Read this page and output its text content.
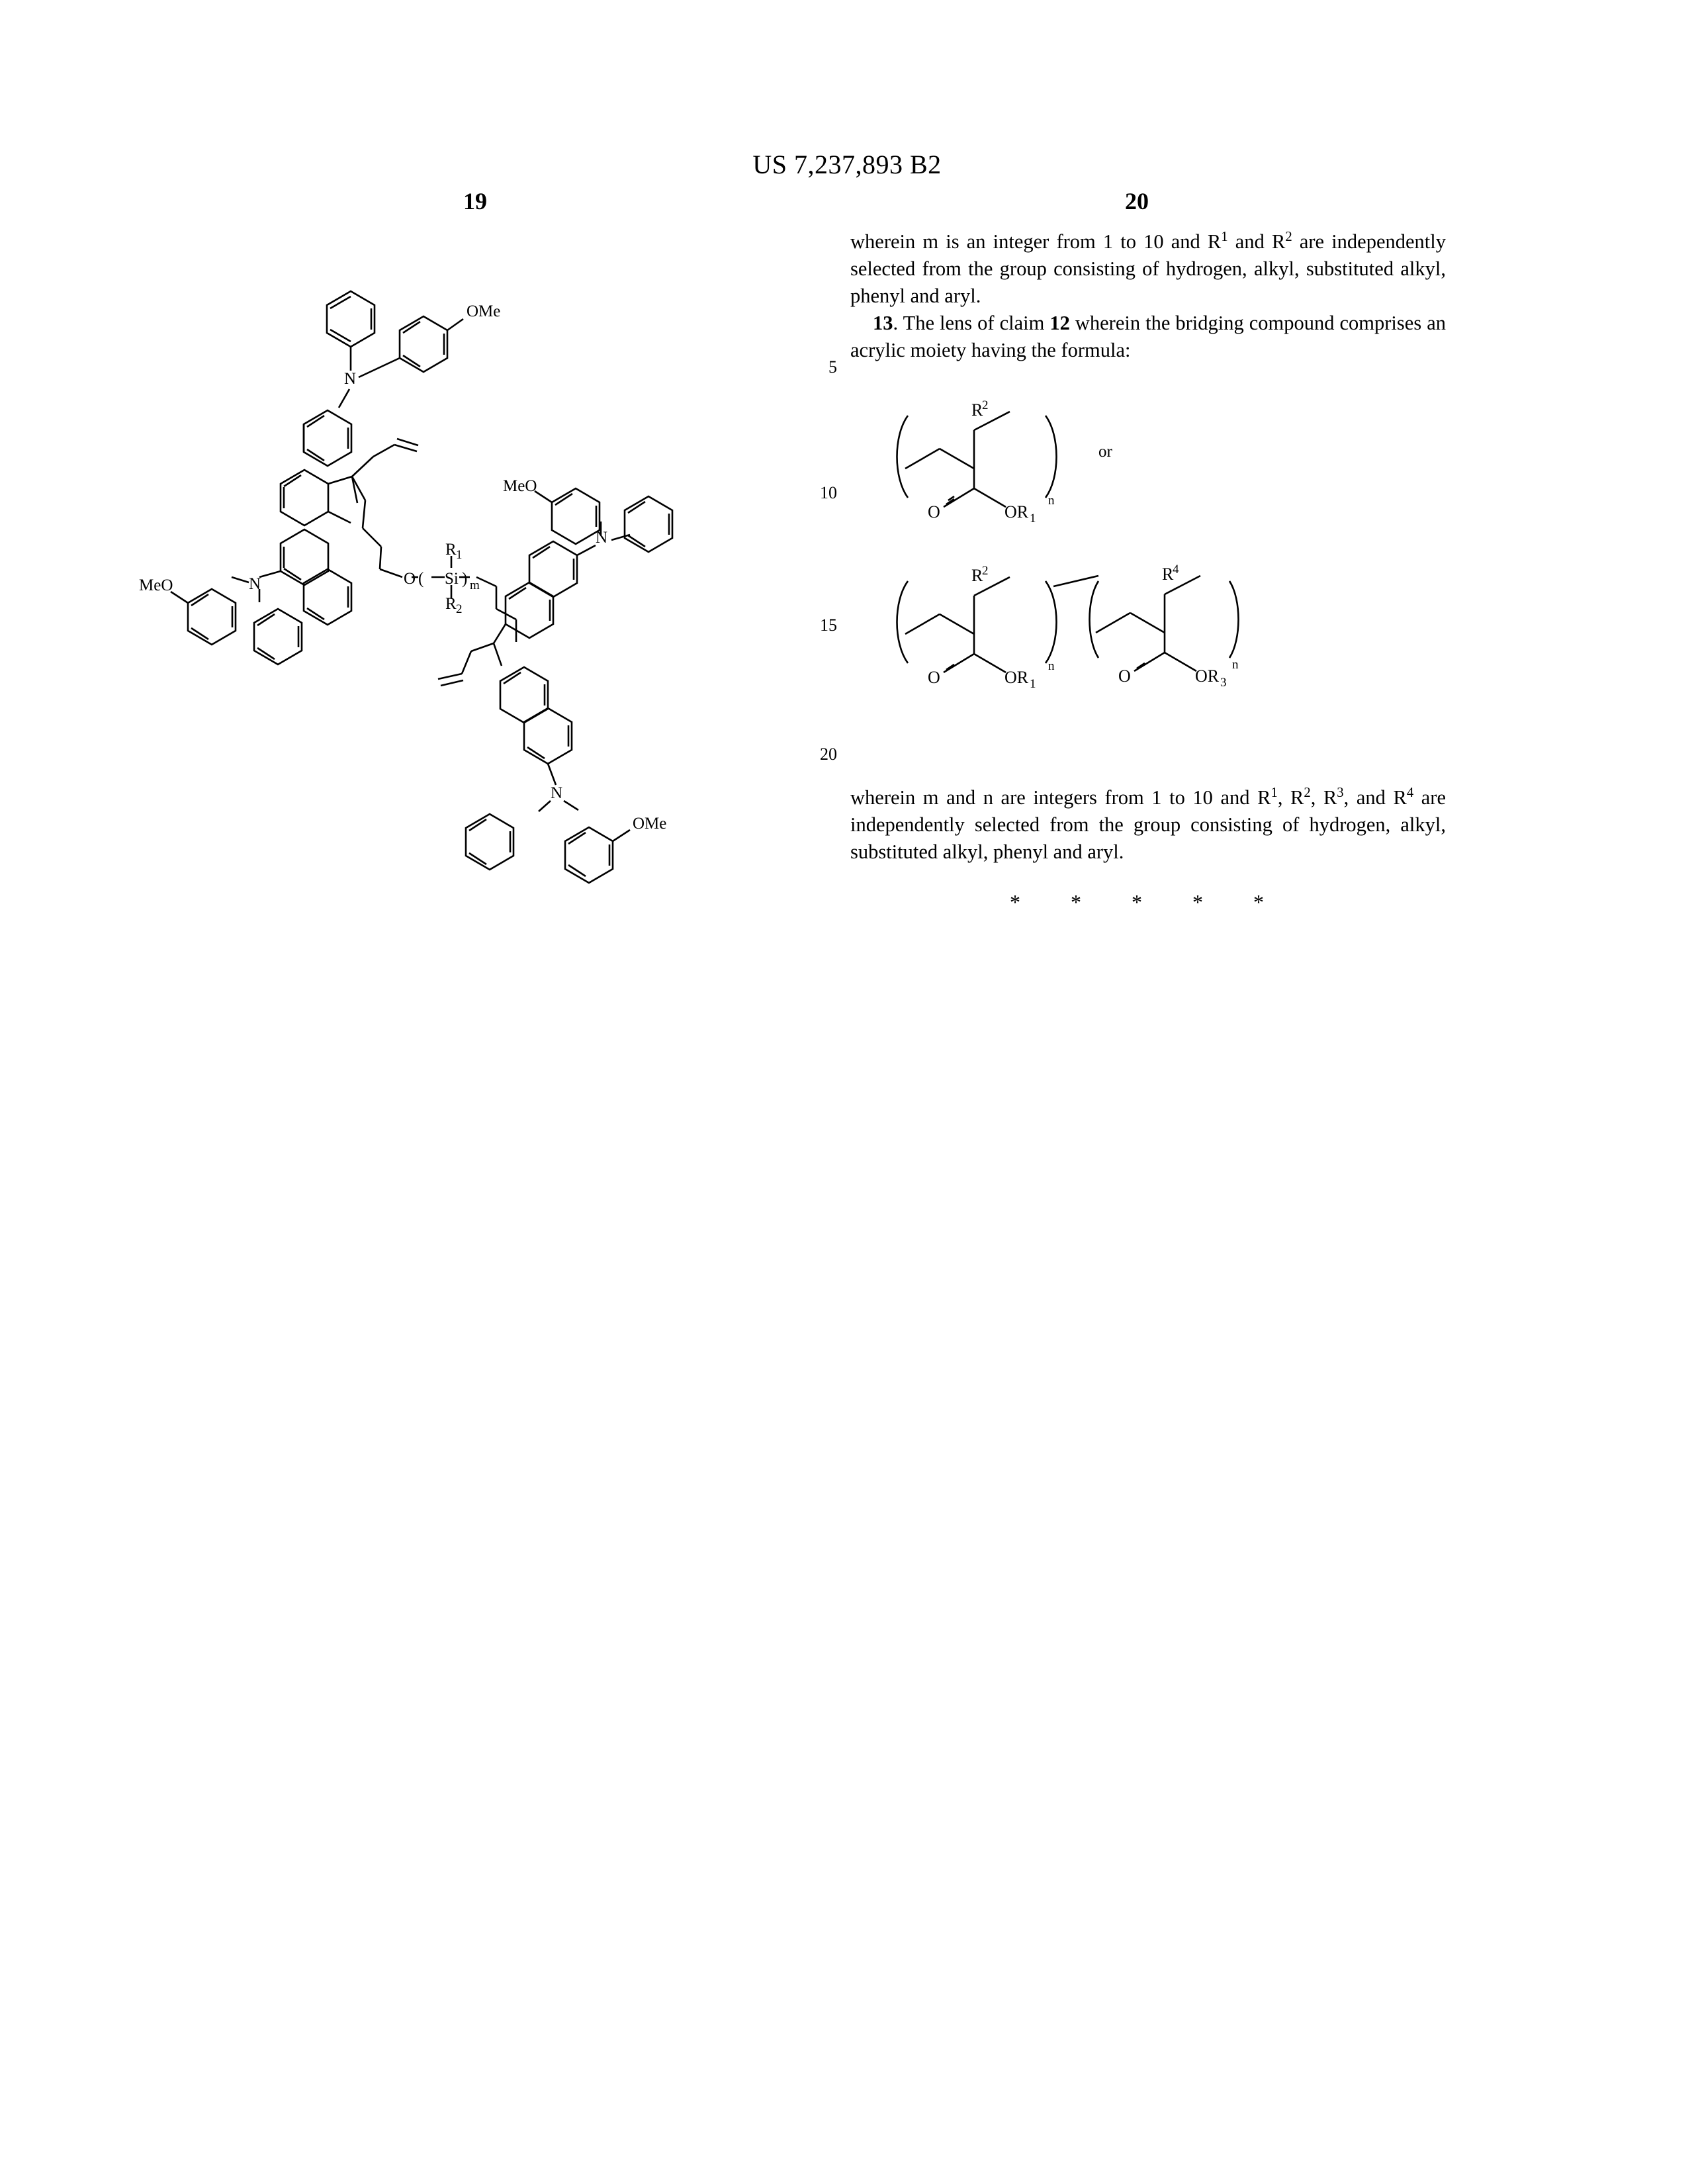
US 7,237,893 B2
19	20
5
10
15
20

wherein m is an integer from 1 to 10 and $R^1$ and $R^2$ are independently selected from the group consisting of hydrogen, alkyl, substituted alkyl, phenyl and aryl.

13. The lens of claim 12 wherein the bridging compound comprises an acrylic moiety having the formula:

wherein m and n are integers from 1 to 10 and $R^1$, $R^2$, $R^3$, and $R^4$ are independently selected from the group consisting of hydrogen, alkyl, substituted alkyl, phenyl and aryl.

* * * * *
N
OMe
N
MeO	O ( Si ) m
R 1
R 2
N
MeO
N
OMe
O	OR 1
R
2
n
or
R
2
O	OR 1
n
R
4
O	OR 3
n
